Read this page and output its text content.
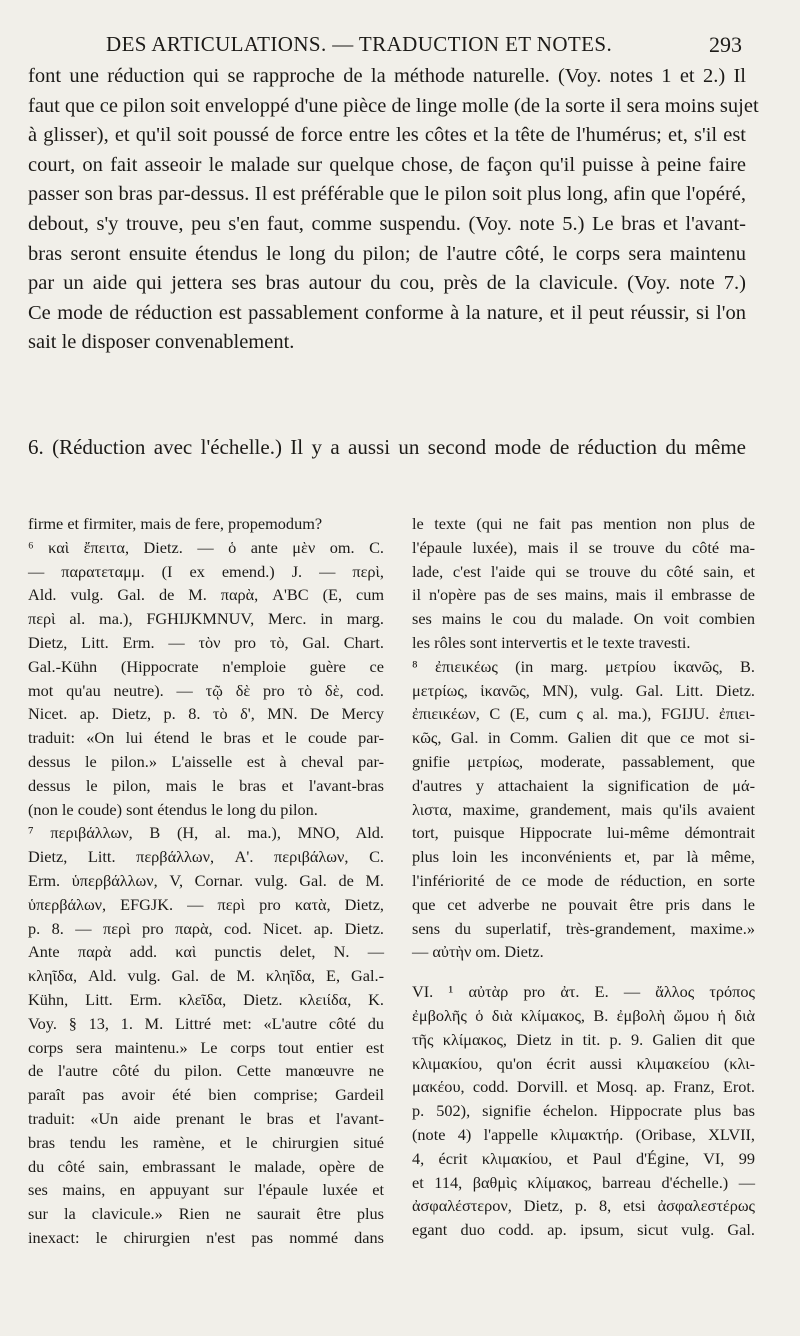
DES ARTICULATIONS. — TRADUCTION ET NOTES.	293
font une réduction qui se rapproche de la méthode naturelle. (Voy. notes 1 et 2.) Il
faut que ce pilon soit enveloppé d'une pièce de linge molle (de la sorte il sera moins sujet
à glisser), et qu'il soit poussé de force entre les côtes et la tête de l'humérus; et, s'il est
court, on fait asseoir le malade sur quelque chose, de façon qu'il puisse à peine faire
passer son bras par-dessus. Il est préférable que le pilon soit plus long, afin que l'opéré,
debout, s'y trouve, peu s'en faut, comme suspendu. (Voy. note 5.) Le bras et l'avant-
bras seront ensuite étendus le long du pilon; de l'autre côté, le corps sera maintenu
par un aide qui jettera ses bras autour du cou, près de la clavicule. (Voy. note 7.)
Ce mode de réduction est passablement conforme à la nature, et il peut réussir, si l'on
sait le disposer convenablement.
6. (Réduction avec l'échelle.) Il y a aussi un second mode de réduction du même
firme et firmiter, mais de fere, propemodum?
⁶ καὶ ἔπειτα, Dietz. — ὁ ante μὲν om. C.
— παρατεταμμ. (I ex emend.) J. — περὶ,
Ald. vulg. Gal. de M. παρὰ, A'BC (E, cum
περὶ al. ma.), FGHIJKMNUV, Merc. in marg.
Dietz, Litt. Erm. — τὸν pro τὸ, Gal. Chart.
Gal.-Kühn (Hippocrate n'emploie guère ce
mot qu'au neutre). — τῷ δὲ pro τὸ δὲ, cod.
Nicet. ap. Dietz, p. 8. τὸ δ', MN. De Mercy
traduit: «On lui étend le bras et le coude par-
dessus le pilon.» L'aisselle est à cheval par-
dessus le pilon, mais le bras et l'avant-bras
(non le coude) sont étendus le long du pilon.
⁷ περιβάλλων, B (H, al. ma.), MNO, Ald.
Dietz, Litt. περβάλλων, A'. περιβάλων, C.
Erm. ὑπερβάλλων, V, Cornar. vulg. Gal. de M.
ὑπερβάλων, EFGJK. — περὶ pro κατὰ, Dietz,
p. 8. — περὶ pro παρὰ, cod. Nicet. ap. Dietz.
Ante παρὰ add. καὶ punctis delet, N. —
κληῖδα, Ald. vulg. Gal. de M. κληῖδα, E, Gal.-
Kühn, Litt. Erm. κλεῖδα, Dietz. κλειίδα, K.
Voy. § 13, 1. M. Littré met: «L'autre côté du
corps sera maintenu.» Le corps tout entier est
de l'autre côté du pilon. Cette manœuvre ne
paraît pas avoir été bien comprise; Gardeil
traduit: «Un aide prenant le bras et l'avant-
bras tendu les ramène, et le chirurgien situé
du côté sain, embrassant le malade, opère de
ses mains, en appuyant sur l'épaule luxée et
sur la clavicule.» Rien ne saurait être plus
inexact: le chirurgien n'est pas nommé dans
le texte (qui ne fait pas mention non plus de
l'épaule luxée), mais il se trouve du côté ma-
lade, c'est l'aide qui se trouve du côté sain, et
il n'opère pas de ses mains, mais il embrasse de
ses mains le cou du malade. On voit combien
les rôles sont intervertis et le texte travesti.
⁸ ἐπιεικέως (in marg. μετρίου ἱκανῶς, B.
μετρίως, ἱκανῶς, MN), vulg. Gal. Litt. Dietz.
ἐπιεικέων, C (E, cum ς al. ma.), FGIJU. ἐπιει-
κῶς, Gal. in Comm. Galien dit que ce mot si-
gnifie μετρίως, moderate, passablement, que
d'autres y attachaient la signification de μά-
λιστα, maxime, grandement, mais qu'ils avaient
tort, puisque Hippocrate lui-même démontrait
plus loin les inconvénients et, par là même,
l'infériorité de ce mode de réduction, en sorte
que cet adverbe ne pouvait être pris dans le
sens du superlatif, très-grandement, maxime.»
— αὐτὴν om. Dietz.
VI. ¹ αὐτὰρ pro ἀτ. E. — ἄλλος τρόπος
ἐμβολῆς ὁ διὰ κλίμακος, B. ἐμβολὴ ὤμου ἡ διὰ
τῆς κλίμακος, Dietz in tit. p. 9. Galien dit que
κλιμακίου, qu'on écrit aussi κλιμακείου (κλι-
μακέου, codd. Dorvill. et Mosq. ap. Franz, Erot.
p. 502), signifie échelon. Hippocrate plus bas
(note 4) l'appelle κλιμακτήρ. (Oribase, XLVII,
4, écrit κλιμακίου, et Paul d'Égine, VI, 99
et 114, βαθμὶς κλίμακος, barreau d'échelle.) —
ἀσφαλέστερον, Dietz, p. 8, etsi ἀσφαλεστέρως
egant duo codd. ap. ipsum, sicut vulg. Gal.
